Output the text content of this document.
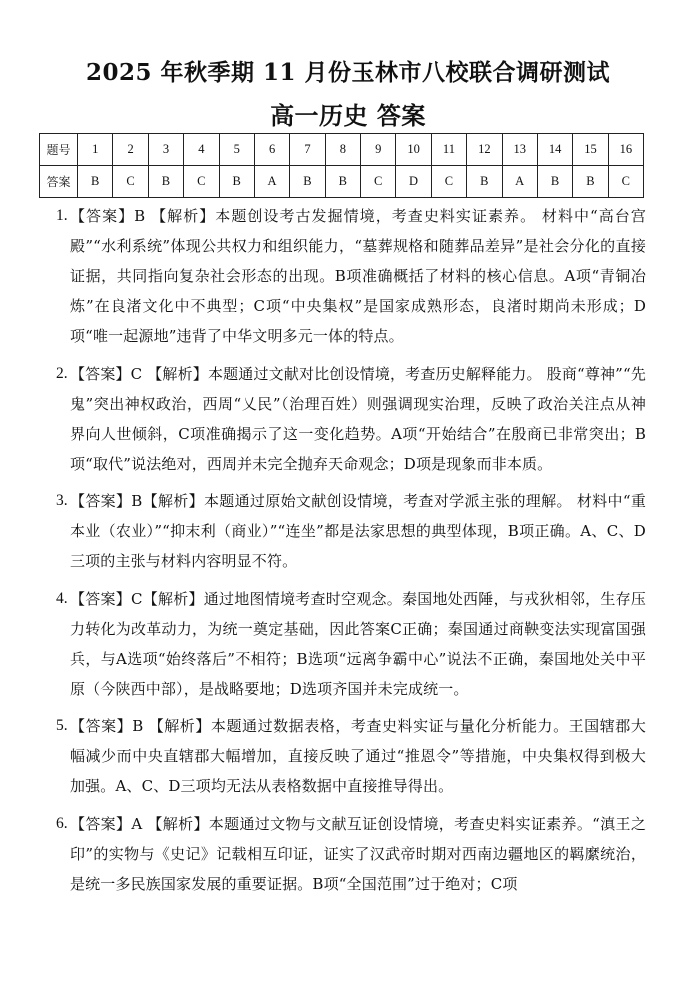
2025 年秋季期 11 月份玉林市八校联合调研测试
高一历史 答案
题号	1	2	3	4	5	6	7	8	9	10	11	12	13	14	15	16
答案	B	C	B	C	B	A	B	B	C	D	C	B	A	B	B	C
1. 【答案】B 【解析】本题创设考古发掘情境，考查史料实证素养。 材料中“高台宫殿”“水利系统”体现公共权力和组织能力，“墓葬规格和随葬品差异”是社会分化的直接证据，共同指向复杂社会形态的出现。B项准确概括了材料的核心信息。A项“青铜冶炼”在良渚文化中不典型；C项“中央集权”是国家成熟形态，良渚时期尚未形成；D项“唯一起源地”违背了中华文明多元一体的特点。
2. 【答案】C 【解析】本题通过文献对比创设情境，考查历史解释能力。 股商“尊神”“先鬼”突出神权政治，西周“乂民”（治理百姓）则强调现实治理，反映了政治关注点从神界向人世倾斜，C项准确揭示了这一变化趋势。A项“开始结合”在殷商已非常突出；B项“取代”说法绝对，西周并未完全抛弃天命观念；D项是现象而非本质。
3. 【答案】B【解析】本题通过原始文献创设情境，考查对学派主张的理解。 材料中“重本业（农业）”“抑末利（商业）”“连坐”都是法家思想的典型体现，B项正确。A、C、D三项的主张与材料内容明显不符。
4. 【答案】C【解析】通过地图情境考查时空观念。秦国地处西陲，与戎狄相邻，生存压力转化为改革动力，为统一奠定基础，因此答案C正确；秦国通过商鞅变法实现富国强兵，与A选项“始终落后”不相符；B选项“远离争霸中心”说法不正确，秦国地处关中平原（今陕西中部），是战略要地；D选项齐国并未完成统一。
5. 【答案】B 【解析】本题通过数据表格，考查史料实证与量化分析能力。王国辖郡大幅减少而中央直辖郡大幅增加，直接反映了通过“推恩令”等措施，中央集权得到极大加强。A、C、D三项均无法从表格数据中直接推导得出。
6. 【答案】A 【解析】本题通过文物与文献互证创设情境，考查史料实证素养。“滇王之印”的实物与《史记》记载相互印证，证实了汉武帝时期对西南边疆地区的羁縻统治，是统一多民族国家发展的重要证据。B项“全国范围”过于绝对；C项
